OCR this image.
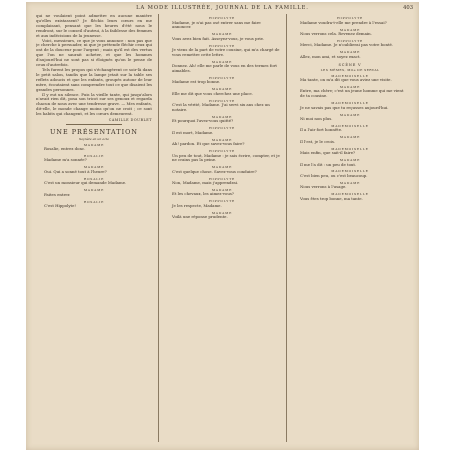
LA MODE ILLUSTRÉE, JOURNAL DE LA FAMILLE.	403

qui ne voulaient point admettre en aucune manière qu'elles existassent? Je fléchis leurs cœurs en me complaisant, pensant que les heures d'été nous le rendront, sur le conseil d'autrui, à la faiblesse des femmes et aux indécisions de la jeunesse.

Voici, messieurs, ce que je vous annonce : non pas que je cherche à persuader, ni que je prétende fléchir ceux qui ont de la douceur pour l'argent ; mais qu'il est des vertus que l'on ne saurait acheter, et que les hommes d'aujourd'hui ne sont pas si éloignés qu'on le pense de ceux d'autrefois.

Tels furent les propos qui s'échangèrent ce soir-là dans le petit salon, tandis que la lampe jetait sur la table ses reflets adoucis et que les enfants, groupés autour de leur mère, écoutaient sans comprendre tout ce que disaient les grandes personnes.

Il y eut un silence. Puis la vieille tante, qui jusqu'alors n'avait rien dit, posa son tricot sur ses genoux et regarda chacun de nous avec une tendresse grave. — Mes enfants, dit-elle, le monde change moins qu'on ne croit ; ce sont les habits qui changent, et les cœurs demeurent.

CAMILLE DOUBLET
UNE PRÉSENTATION
Saynète en un acte
MADAME

Rosalie, entrez donc.

ROSALIE

Madame m'a sonnée?

MADAME

Oui. Qui a sonné tout à l'heure?

ROSALIE

C'est un monsieur qui demande Madame.

MADAME

Faites entrer.

ROSALIE

C'est Hippolyte!

HIPPOLYTE

Madame, je n'ai pas osé entrer sans me faire annoncer.

MADAME

Vous avez bien fait. Asseyez-vous, je vous prie.

HIPPOLYTE

Je viens de la part de votre cousine, qui m'a chargé de vous remettre cette lettre.

MADAME

Donnez. Ah! elle me parle de vous en des termes fort aimables.

HIPPOLYTE

Madame est trop bonne.

MADAME

Elle me dit que vous cherchez une place.

HIPPOLYTE

C'est la vérité, Madame. J'ai servi six ans chez un notaire.

MADAME

Et pourquoi l'avez-vous quitté?

HIPPOLYTE

Il est mort, Madame.

MADAME

Ah! pardon. Et que savez-vous faire?

HIPPOLYTE

Un peu de tout, Madame : je sais écrire, compter, et je ne crains pas la peine.

MADAME

C'est quelque chose. Savez-vous conduire?

HIPPOLYTE

Non, Madame, mais j'apprendrai.

MADAME

Et les chevaux, les aimez-vous?

HIPPOLYTE

Je les respecte, Madame.

MADAME

Voilà une réponse prudente.

HIPPOLYTE

Madame voudra-t-elle me prendre à l'essai?

MADAME

Nous verrons cela. Revenez demain.

HIPPOLYTE

Merci, Madame. Je n'oublierai pas votre bonté.

MADAME

Allez, mon ami, et soyez exact.

SCÈNE V
LES MÊMES, Mlle DE SERVAL
MADEMOISELLE

Ma tante, on m'a dit que vous aviez une visite.

MADAME

Entre, ma chère; c'est un jeune homme qui me vient de ta cousine.

MADEMOISELLE

Je ne savais pas que tu reçusses aujourd'hui.

MADAME

Ni moi non plus.

MADEMOISELLE

Il a l'air fort honnête.

MADAME

Il l'est, je le crois.

MADEMOISELLE

Mais enfin, que sait-il faire?

MADAME

Il me l'a dit : un peu de tout.

MADEMOISELLE

C'est bien peu, ou c'est beaucoup.

MADAME

Nous verrons à l'usage.

MADEMOISELLE

Vous êtes trop bonne, ma tante.
